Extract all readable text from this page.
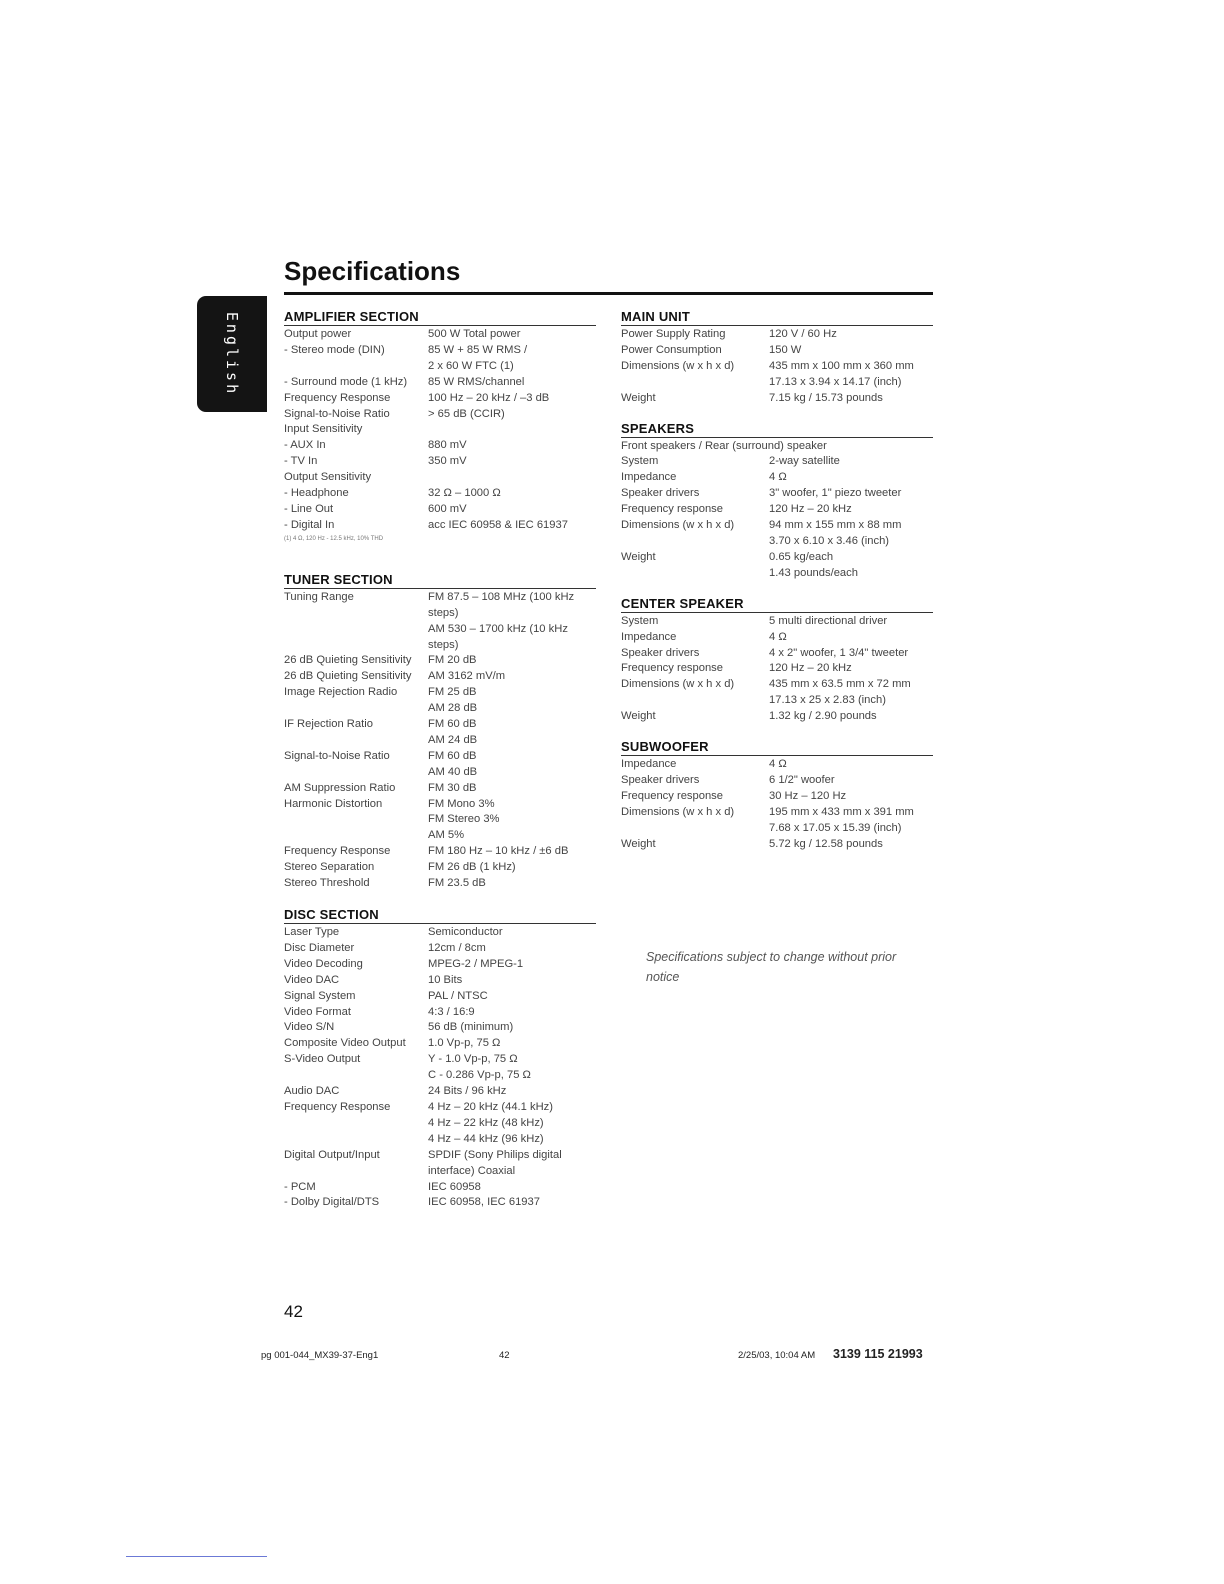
English
Specifications
AMPLIFIER SECTION
Output power	500 W Total power
- Stereo mode (DIN)	85 W + 85 W RMS /
2 x 60 W FTC (1)
- Surround mode (1 kHz)	85 W RMS/channel
Frequency Response	100 Hz – 20 kHz / –3 dB
Signal-to-Noise Ratio	> 65 dB (CCIR)
Input Sensitivity
- AUX In	880 mV
- TV In	350 mV
Output Sensitivity
- Headphone	32 Ω – 1000 Ω
- Line Out	600 mV
- Digital In	acc IEC 60958 & IEC 61937
(1) 4 Ω, 120 Hz - 12.5 kHz, 10% THD
TUNER SECTION
Tuning Range	FM 87.5 – 108 MHz (100 kHz steps)
AM 530 – 1700 kHz (10 kHz steps)
26 dB Quieting Sensitivity	FM 20 dB
26 dB Quieting Sensitivity	AM 3162 mV/m
Image Rejection Radio	FM 25 dB
AM 28 dB
IF Rejection Ratio	FM 60 dB
AM 24 dB
Signal-to-Noise Ratio	FM 60 dB
AM 40 dB
AM Suppression Ratio	FM 30 dB
Harmonic Distortion	FM Mono 3%
FM Stereo 3%
AM 5%
Frequency Response	FM 180 Hz – 10 kHz / ±6 dB
Stereo Separation	FM 26 dB (1 kHz)
Stereo Threshold	FM 23.5 dB
DISC SECTION
Laser Type	Semiconductor
Disc Diameter	12cm / 8cm
Video Decoding	MPEG-2 / MPEG-1
Video DAC	10 Bits
Signal System	PAL / NTSC
Video Format	4:3 / 16:9
Video S/N	56 dB (minimum)
Composite Video Output	1.0 Vp-p, 75 Ω
S-Video Output	Y - 1.0 Vp-p, 75 Ω
C - 0.286 Vp-p, 75 Ω
Audio DAC	24 Bits / 96 kHz
Frequency Response	4 Hz – 20 kHz (44.1 kHz)
4 Hz – 22 kHz (48 kHz)
4 Hz – 44 kHz (96 kHz)
Digital Output/Input	SPDIF (Sony Philips digital interface) Coaxial
- PCM	IEC 60958
- Dolby Digital/DTS	IEC 60958, IEC 61937
MAIN UNIT
Power Supply Rating	120 V / 60 Hz
Power Consumption	150 W
Dimensions (w x h x d)	435 mm x 100 mm x 360 mm
17.13 x 3.94 x 14.17 (inch)
Weight	7.15 kg / 15.73 pounds
SPEAKERS
Front speakers / Rear (surround) speaker
System	2-way satellite
Impedance	4 Ω
Speaker drivers	3" woofer, 1" piezo tweeter
Frequency response	120 Hz – 20 kHz
Dimensions (w x h x d)	94 mm x 155 mm x 88 mm
3.70 x 6.10 x 3.46 (inch)
Weight	0.65 kg/each
1.43 pounds/each
CENTER SPEAKER
System	5 multi directional driver
Impedance	4 Ω
Speaker drivers	4 x 2" woofer, 1 3/4" tweeter
Frequency response	120 Hz – 20 kHz
Dimensions (w x h x d)	435 mm x 63.5 mm x 72 mm
17.13 x 25 x 2.83 (inch)
Weight	1.32 kg / 2.90 pounds
SUBWOOFER
Impedance	4 Ω
Speaker drivers	6 1/2" woofer
Frequency response	30 Hz – 120 Hz
Dimensions (w x h x d)	195 mm x 433 mm x 391 mm
7.68 x 17.05 x 15.39 (inch)
Weight	5.72 kg / 12.58 pounds
Specifications subject to change without prior notice
42
pg 001-044_MX39-37-Eng1	42	2/25/03, 10:04 AM 3139 115 21993
